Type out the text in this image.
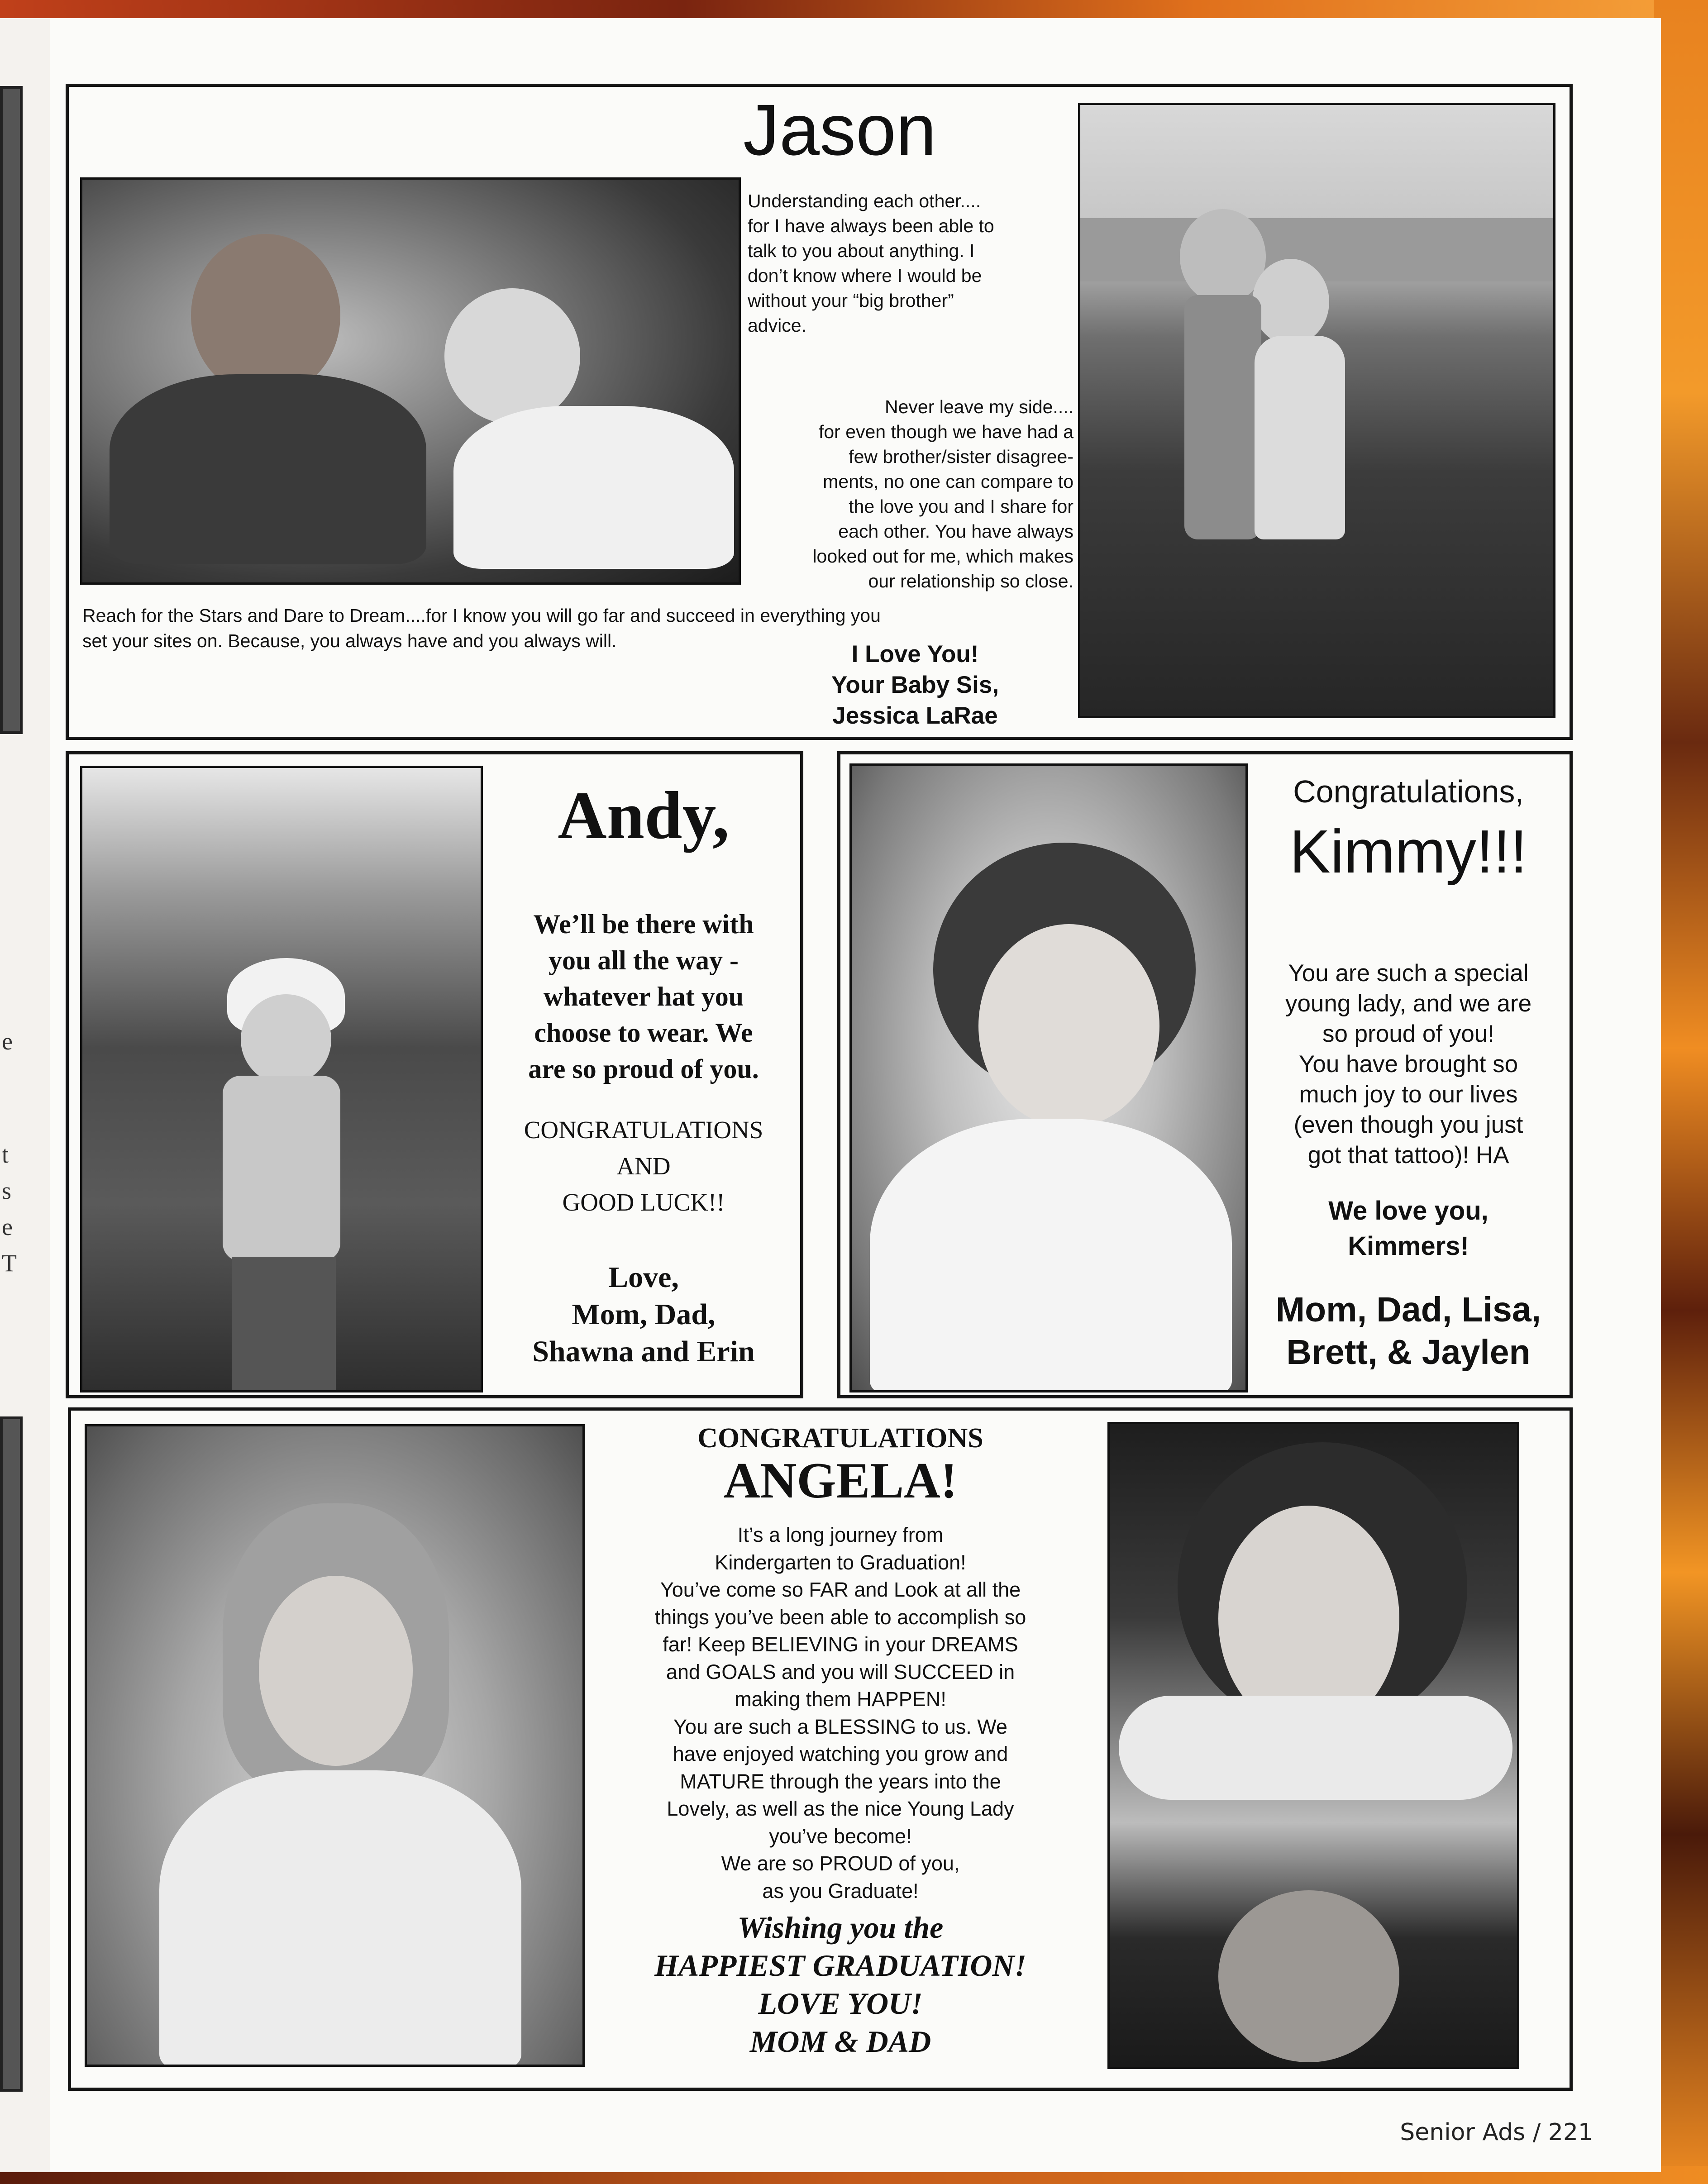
e
t
s
e
T
Jason
Understanding each other....
for I have always been able to
talk to you about anything. I
don’t know where I would be
without your “big brother”
advice.
Never leave my side....
for even though we have had a
few brother/sister disagree-
ments, no one can compare to
the love you and I share for
each other. You have always
looked out for me, which makes
our relationship so close.
Reach for the Stars and Dare to Dream....for I know you will go far and succeed in everything you
set your sites on. Because, you always have and you always will.	I Love You!
Your Baby Sis,
Jessica LaRae
Andy,
We’ll be there with
you all the way -
whatever hat you
choose to wear. We
are so proud of you.
CONGRATULATIONS
AND
GOOD LUCK!!
Love,
Mom, Dad,
Shawna and Erin
Congratulations,
Kimmy!!!
You are such a special
young lady, and we are
so proud of you!
You have brought so
much joy to our lives
(even though you just
got that tattoo)! HA
We love you,
Kimmers!
Mom, Dad, Lisa,
Brett, & Jaylen
CONGRATULATIONS
ANGELA!
It’s a long journey from
Kindergarten to Graduation!
You’ve come so FAR and Look at all the
things you’ve been able to accomplish so
far! Keep BELIEVING in your DREAMS
and GOALS and you will SUCCEED in
making them HAPPEN!
You are such a BLESSING to us. We
have enjoyed watching you grow and
MATURE through the years into the
Lovely, as well as the nice Young Lady
you’ve become!
We are so PROUD of you,
as you Graduate!
Wishing you the
HAPPIEST GRADUATION!
LOVE YOU!
MOM & DAD
Senior Ads / 221
